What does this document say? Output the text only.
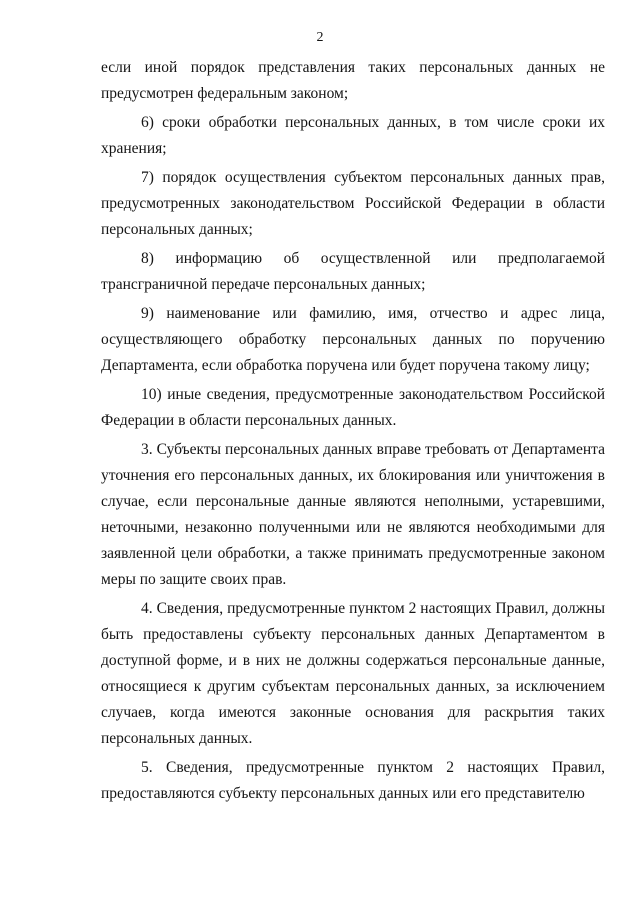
2

если иной порядок представления таких персональных данных не предусмотрен федеральным законом;

6) сроки обработки персональных данных, в том числе сроки их хранения;

7) порядок осуществления субъектом персональных данных прав, предусмотренных законодательством Российской Федерации в области персональных данных;

8) информацию об осуществленной или предполагаемой трансграничной передаче персональных данных;

9) наименование или фамилию, имя, отчество и адрес лица, осуществляющего обработку персональных данных по поручению Департамента, если обработка поручена или будет поручена такому лицу;

10) иные сведения, предусмотренные законодательством Российской Федерации в области персональных данных.

3. Субъекты персональных данных вправе требовать от Департамента уточнения его персональных данных, их блокирования или уничтожения в случае, если персональные данные являются неполными, устаревшими, неточными, незаконно полученными или не являются необходимыми для заявленной цели обработки, а также принимать предусмотренные законом меры по защите своих прав.

4. Сведения, предусмотренные пунктом 2 настоящих Правил, должны быть предоставлены субъекту персональных данных Департаментом в доступной форме, и в них не должны содержаться персональные данные, относящиеся к другим субъектам персональных данных, за исключением случаев, когда имеются законные основания для раскрытия таких персональных данных.

5. Сведения, предусмотренные пунктом 2 настоящих Правил, предоставляются субъекту персональных данных или его представителю
